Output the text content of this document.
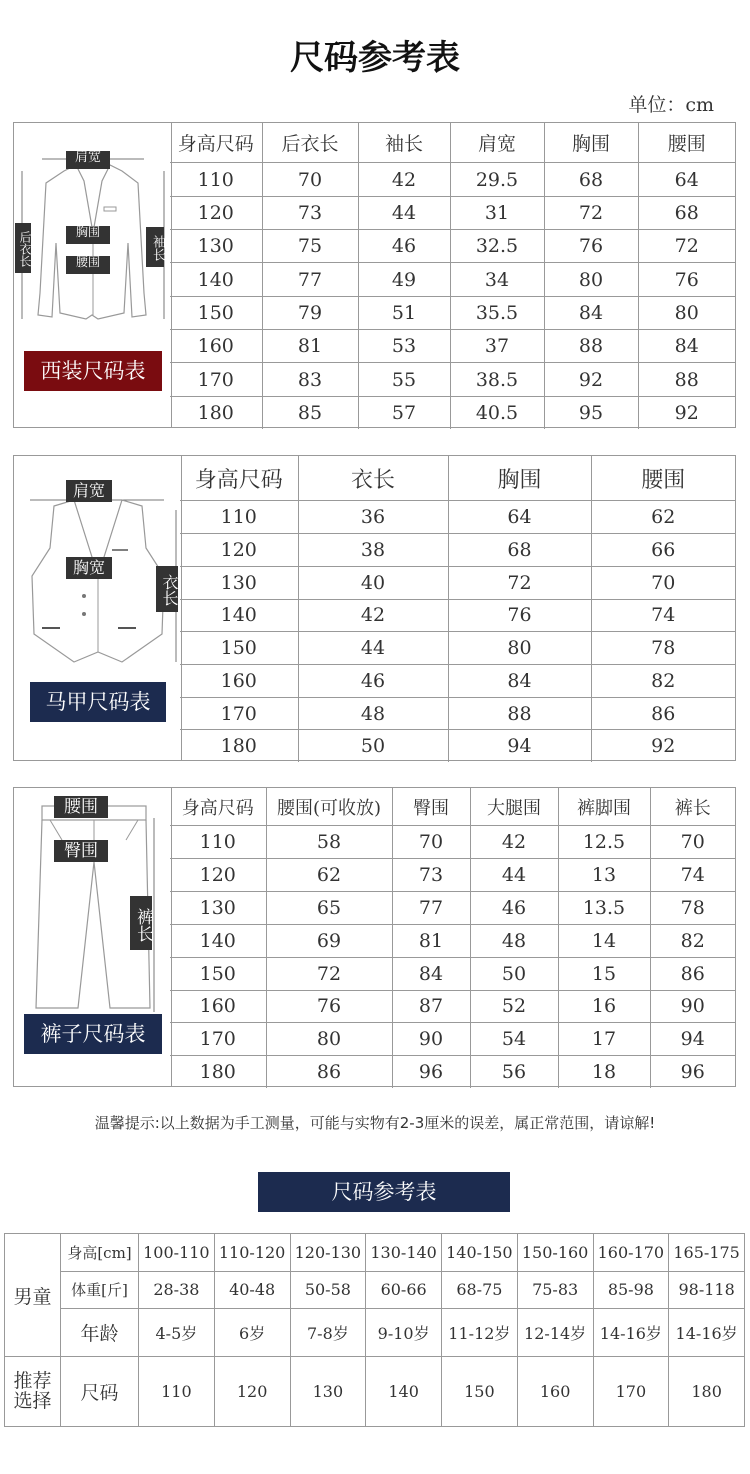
尺码参考表
单位：cm
肩宽
胸围
腰围
后衣长	袖长
西装尺码表
身高尺码	后衣长	袖长	肩宽	胸围	腰围
110	70	42	29.5	68	64
120	73	44	31	72	68
130	75	46	32.5	76	72
140	77	49	34	80	76
150	79	51	35.5	84	80
160	81	53	37	88	84
170	83	55	38.5	92	88
180	85	57	40.5	95	92
肩宽
胸宽
衣长
马甲尺码表
身高尺码	衣长	胸围	腰围
110	36	64	62
120	38	68	66
130	40	72	70
140	42	76	74
150	44	80	78
160	46	84	82
170	48	88	86
180	50	94	92
腰围
臀围
裤长
裤子尺码表
身高尺码	腰围(可收放)	臀围	大腿围	裤脚围	裤长
110	58	70	42	12.5	70
120	62	73	44	13	74
130	65	77	46	13.5	78
140	69	81	48	14	82
150	72	84	50	15	86
160	76	87	52	16	90
170	80	90	54	17	94
180	86	96	56	18	96
温馨提示:以上数据为手工测量，可能与实物有2-3厘米的误差，属正常范围，请谅解!
尺码参考表
男童	身高[cm]	100-110	110-120	120-130	130-140	140-150	150-160	160-170	165-175
	体重[斤]	28-38	40-48	50-58	60-66	68-75	75-83	85-98	98-118
	年龄	4-5岁	6岁	7-8岁	9-10岁	11-12岁	12-14岁	14-16岁	14-16岁

推荐
选择	尺码	110	120	130	140	150	160	170	180
